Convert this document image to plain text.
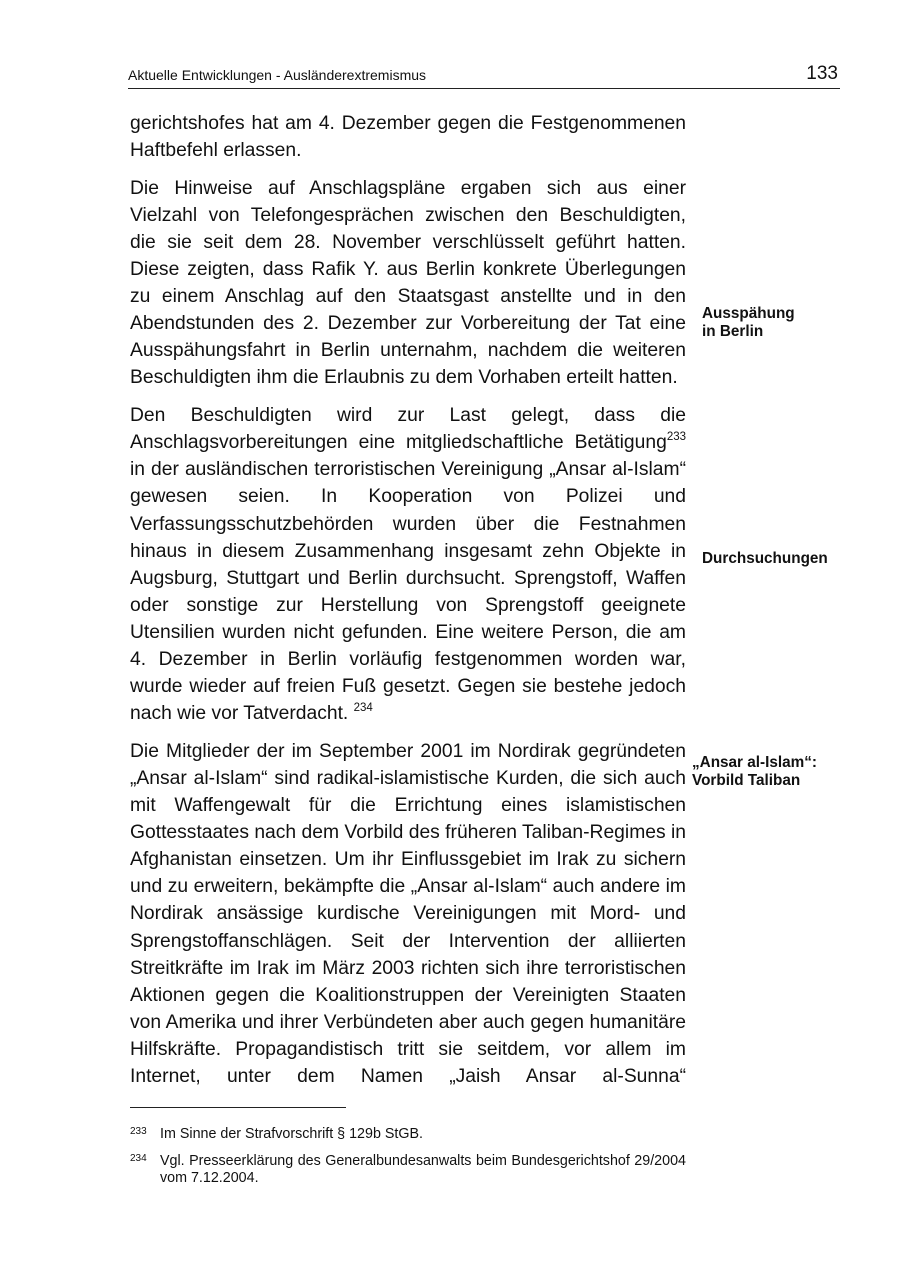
Aktuelle Entwicklungen - Ausländerextremismus	133

gerichtshofes hat am 4. Dezember gegen die Festgenommenen Haftbefehl erlassen.

Die Hinweise auf Anschlagspläne ergaben sich aus einer Vielzahl von Telefongesprächen zwischen den Beschuldigten, die sie seit dem 28. November verschlüsselt geführt hatten. Diese zeigten, dass Rafik Y. aus Berlin konkrete Überlegungen zu einem Anschlag auf den Staatsgast anstellte und in den Abendstunden des 2. Dezember zur Vorbereitung der Tat eine Ausspähungsfahrt in Berlin unternahm, nachdem die weiteren Beschuldigten ihm die Erlaubnis zu dem Vorhaben erteilt hatten.

Den Beschuldigten wird zur Last gelegt, dass die Anschlagsvorbereitungen eine mitgliedschaftliche Betätigung$^{233}$ in der ausländischen terroristischen Vereinigung „Ansar al-Islam“ gewesen seien. In Kooperation von Polizei und Verfassungsschutzbehörden wurden über die Festnahmen hinaus in diesem Zusammenhang insgesamt zehn Objekte in Augsburg, Stuttgart und Berlin durchsucht. Sprengstoff, Waffen oder sonstige zur Herstellung von Sprengstoff geeignete Utensilien wurden nicht gefunden. Eine weitere Person, die am 4. Dezember in Berlin vorläufig festgenommen worden war, wurde wieder auf freien Fuß gesetzt. Gegen sie bestehe jedoch nach wie vor Tatverdacht. $^{234}$

Die Mitglieder der im September 2001 im Nordirak gegründeten „Ansar al-Islam“ sind radikal-islamistische Kurden, die sich auch mit Waffengewalt für die Errichtung eines islamistischen Gottesstaates nach dem Vorbild des früheren Taliban-Regimes in Afghanistan einsetzen. Um ihr Einflussgebiet im Irak zu sichern und zu erweitern, bekämpfte die „Ansar al-Islam“ auch andere im Nordirak ansässige kurdische Vereinigungen mit Mord- und Sprengstoffanschlägen. Seit der Intervention der alliierten Streitkräfte im Irak im März 2003 richten sich ihre terroristischen Aktionen gegen die Koalitionstruppen der Vereinigten Staaten von Amerika und ihrer Verbündeten aber auch gegen humanitäre Hilfskräfte. Propagandistisch tritt sie seitdem, vor allem im Internet, unter dem Namen „Jaish Ansar al-Sunna“

Ausspähung
in Berlin
Durchsuchungen
„Ansar al-Islam“:
Vorbild Taliban
233 Im Sinne der Strafvorschrift § 129b StGB.
234 Vgl. Presseerklärung des Generalbundesanwalts beim Bundesgerichtshof 29/2004 vom 7.12.2004.
